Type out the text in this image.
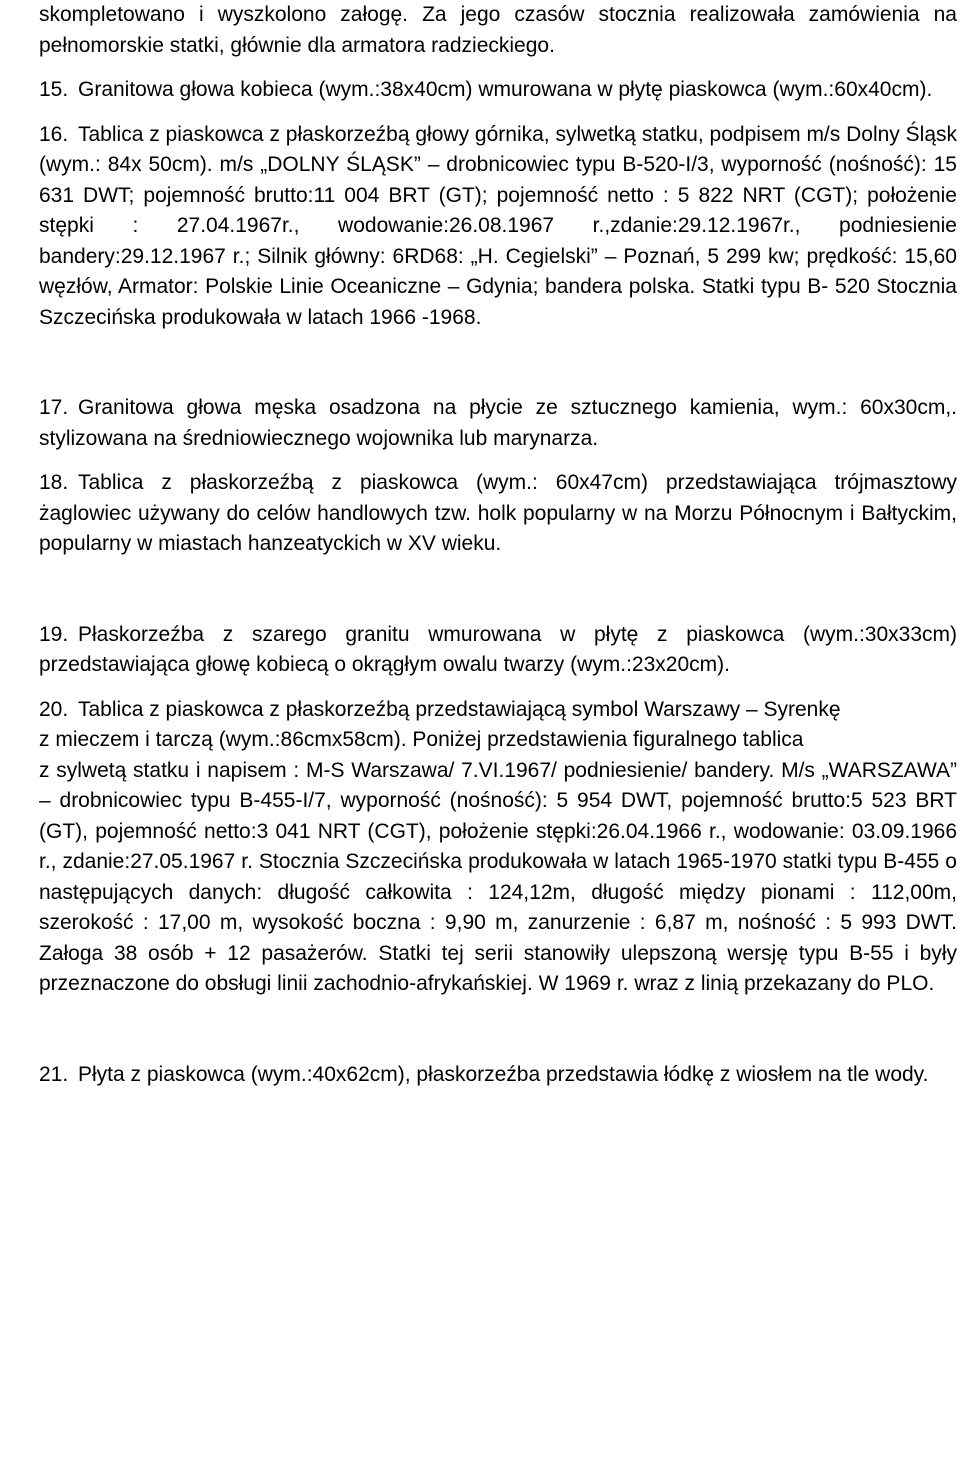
skompletowano i wyszkolono załogę. Za jego czasów stocznia realizowała zamówienia na pełnomorskie statki, głównie dla armatora radzieckiego.
15. Granitowa głowa kobieca (wym.:38x40cm) wmurowana w płytę piaskowca (wym.:60x40cm).
16. Tablica z piaskowca z płaskorzeźbą głowy górnika, sylwetką statku, podpisem m/s Dolny Śląsk (wym.: 84x 50cm). m/s „DOLNY ŚLĄSK” – drobnicowiec typu B-520-I/3, wyporność (nośność): 15 631 DWT; pojemność brutto:11 004 BRT (GT); pojemność netto : 5 822 NRT (CGT); położenie stępki : 27.04.1967r., wodowanie:26.08.1967 r.,zdanie:29.12.1967r., podniesienie bandery:29.12.1967 r.; Silnik główny: 6RD68: „H. Cegielski” – Poznań, 5 299 kw; prędkość: 15,60 węzłów, Armator: Polskie Linie Oceaniczne – Gdynia; bandera polska. Statki typu B- 520 Stocznia Szczecińska produkowała w latach 1966 -1968.
17. Granitowa głowa męska osadzona na płycie ze sztucznego kamienia, wym.: 60x30cm,. stylizowana na średniowiecznego wojownika lub marynarza.
18. Tablica z płaskorzeźbą z piaskowca (wym.: 60x47cm) przedstawiająca trójmasztowy żaglowiec używany do celów handlowych tzw. holk popularny w na Morzu Północnym i Bałtyckim, popularny w miastach hanzeatyckich w XV wieku.
19. Płaskorzeźba z szarego granitu wmurowana w płytę z piaskowca (wym.:30x33cm) przedstawiająca głowę kobiecą o okrągłym owalu twarzy (wym.:23x20cm).
20. Tablica z piaskowca z płaskorzeźbą przedstawiającą symbol Warszawy – Syrenkę
z mieczem i tarczą (wym.:86cmx58cm). Poniżej przedstawienia figuralnego tablica
z sylwetą statku i napisem : M-S Warszawa/ 7.VI.1967/ podniesienie/ bandery. M/s „WARSZAWA” – drobnicowiec typu B-455-I/7, wyporność (nośność): 5 954 DWT, pojemność brutto:5 523 BRT (GT), pojemność netto:3 041 NRT (CGT), położenie stępki:26.04.1966 r., wodowanie: 03.09.1966 r., zdanie:27.05.1967 r. Stocznia Szczecińska produkowała w latach 1965-1970 statki typu B-455 o następujących danych: długość całkowita : 124,12m, długość między pionami : 112,00m, szerokość : 17,00 m, wysokość boczna : 9,90 m, zanurzenie : 6,87 m, nośność : 5 993 DWT. Załoga 38 osób + 12 pasażerów. Statki tej serii stanowiły ulepszoną wersję typu B-55 i były przeznaczone do obsługi linii zachodnio-afrykańskiej. W 1969 r. wraz z linią przekazany do PLO.
21. Płyta z piaskowca (wym.:40x62cm), płaskorzeźba przedstawia łódkę z wiosłem na tle wody.
